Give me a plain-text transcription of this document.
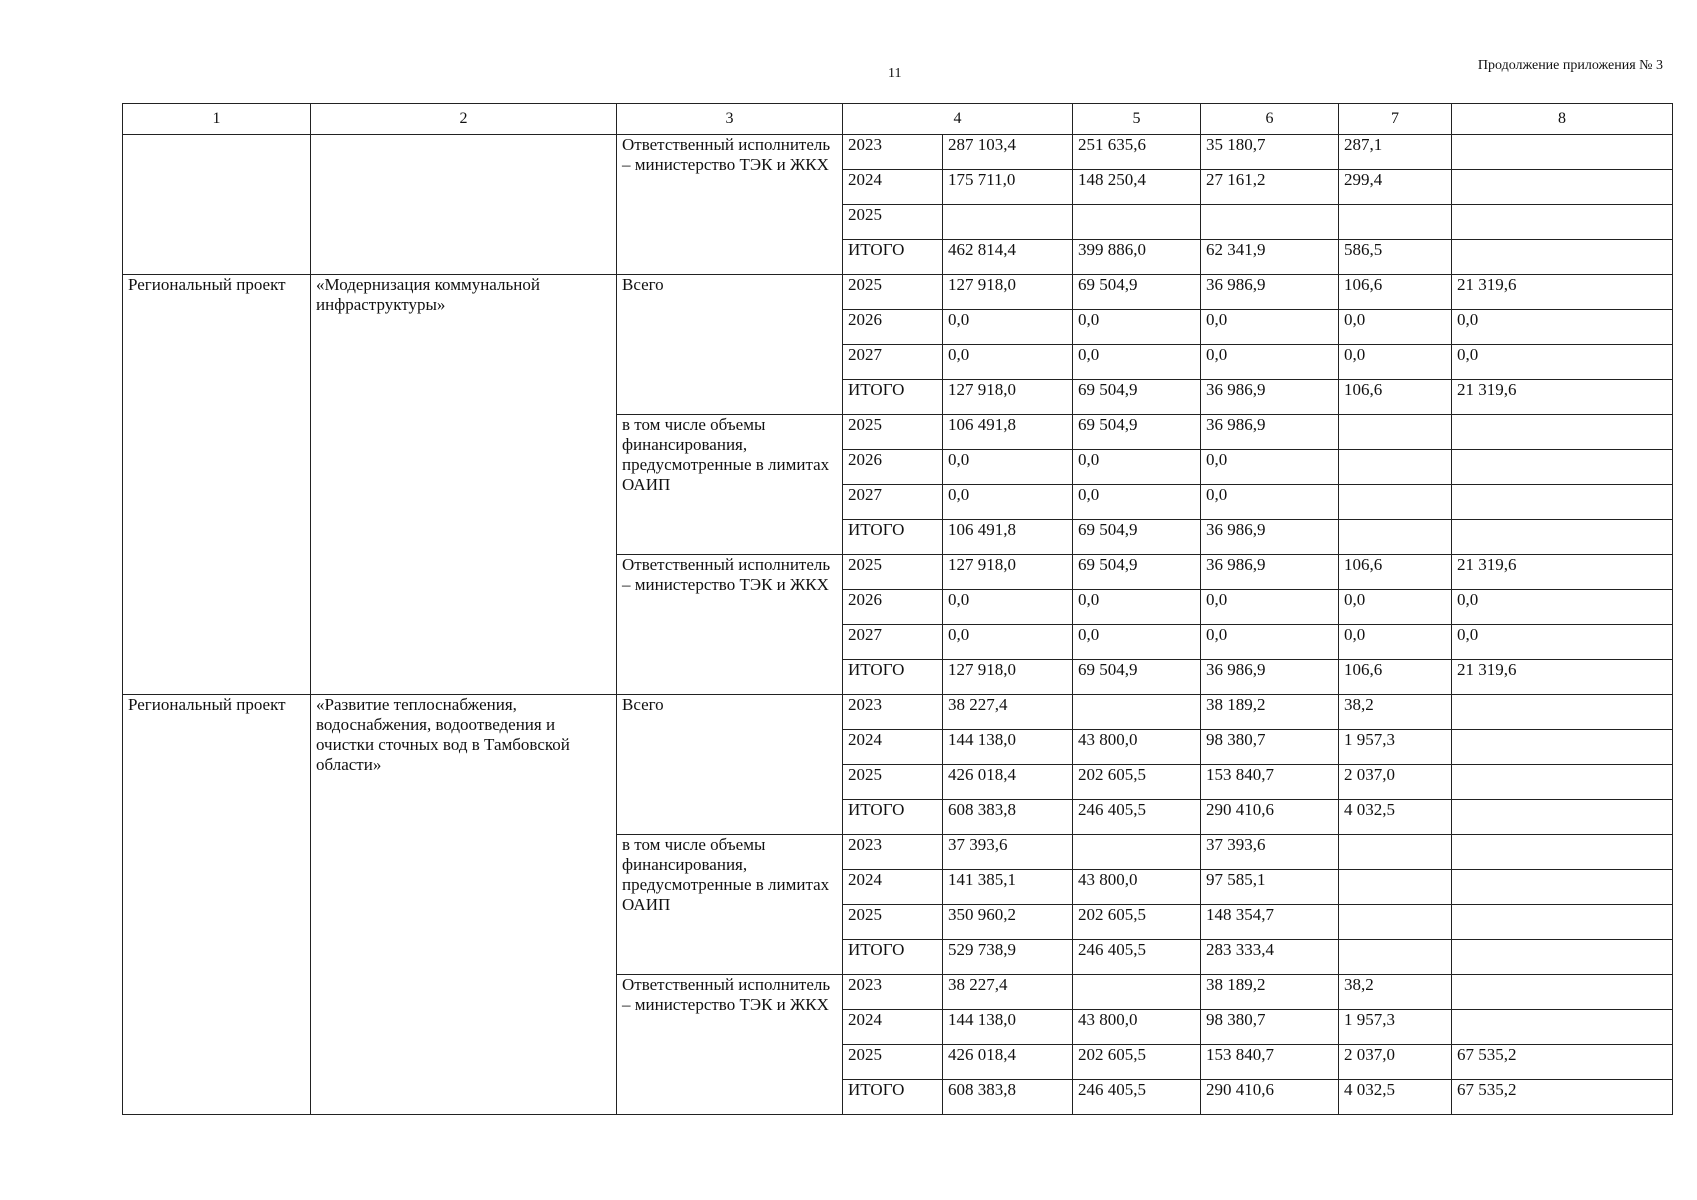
11
Продолжение приложения № 3
1	2	3	4		5	6	7	8
		Ответственный исполнитель – министерство ТЭК и ЖКХ	2023	287 103,4	251 635,6	35 180,7	287,1	
			2024	175 711,0	148 250,4	27 161,2	299,4	
			2025					
			ИТОГО	462 814,4	399 886,0	62 341,9	586,5	
Региональный проект	«Модернизация коммунальной инфраструктуры»	Всего	2025	127 918,0	69 504,9	36 986,9	106,6	21 319,6
			2026	0,0	0,0	0,0	0,0	0,0
			2027	0,0	0,0	0,0	0,0	0,0
			ИТОГО	127 918,0	69 504,9	36 986,9	106,6	21 319,6
		в том числе объемы финансирования, предусмотренные в лимитах ОАИП	2025	106 491,8	69 504,9	36 986,9		
			2026	0,0	0,0	0,0		
			2027	0,0	0,0	0,0		
			ИТОГО	106 491,8	69 504,9	36 986,9		
		Ответственный исполнитель – министерство ТЭК и ЖКХ	2025	127 918,0	69 504,9	36 986,9	106,6	21 319,6
			2026	0,0	0,0	0,0	0,0	0,0
			2027	0,0	0,0	0,0	0,0	0,0
			ИТОГО	127 918,0	69 504,9	36 986,9	106,6	21 319,6
Региональный проект	«Развитие теплоснабжения, водоснабжения, водоотведения и очистки сточных вод в Тамбовской области»	Всего	2023	38 227,4		38 189,2	38,2	
			2024	144 138,0	43 800,0	98 380,7	1 957,3	
			2025	426 018,4	202 605,5	153 840,7	2 037,0	
			ИТОГО	608 383,8	246 405,5	290 410,6	4 032,5	
		в том числе объемы финансирования, предусмотренные в лимитах ОАИП	2023	37 393,6		37 393,6		
			2024	141 385,1	43 800,0	97 585,1		
			2025	350 960,2	202 605,5	148 354,7		
			ИТОГО	529 738,9	246 405,5	283 333,4		
		Ответственный исполнитель – министерство ТЭК и ЖКХ	2023	38 227,4		38 189,2	38,2	
			2024	144 138,0	43 800,0	98 380,7	1 957,3	
			2025	426 018,4	202 605,5	153 840,7	2 037,0	67 535,2
			ИТОГО	608 383,8	246 405,5	290 410,6	4 032,5	67 535,2
